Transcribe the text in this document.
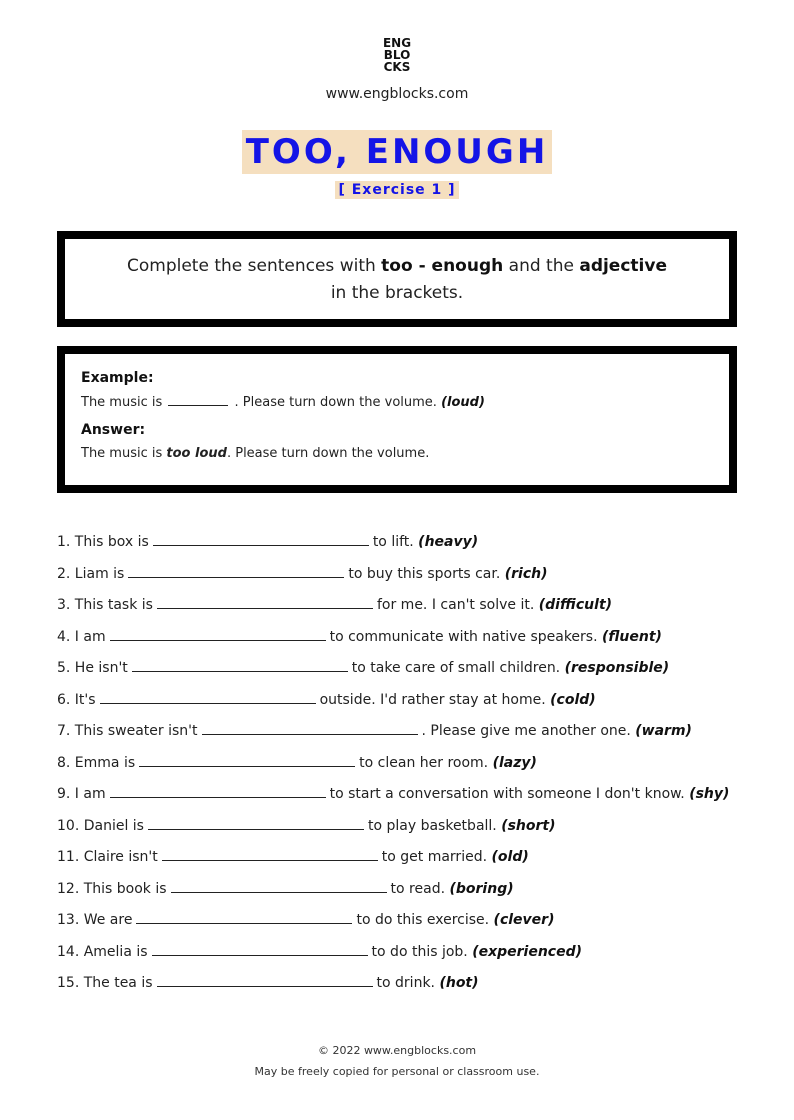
ENG
BLO
CKS
www.engblocks.com
TOO, ENOUGH
[ Exercise 1 ]
Complete the sentences with too - enough and the adjective
in the brackets.
Example:
The music is	. Please turn down the volume. (loud)
Answer:
The music is too loud. Please turn down the volume.
1. This box is	to lift. (heavy)
2. Liam is	to buy this sports car. (rich)
3. This task is	for me. I can't solve it. (difficult)
4. I am	to communicate with native speakers. (fluent)
5. He isn't	to take care of small children. (responsible)
6. It's	outside. I'd rather stay at home. (cold)
7. This sweater isn't	. Please give me another one. (warm)
8. Emma is	to clean her room. (lazy)
9. I am	to start a conversation with someone I don't know. (shy)
10. Daniel is	to play basketball. (short)
11. Claire isn't	to get married. (old)
12. This book is	to read. (boring)
13. We are	to do this exercise. (clever)
14. Amelia is	to do this job. (experienced)
15. The tea is	to drink. (hot)
© 2022 www.engblocks.com
May be freely copied for personal or classroom use.
